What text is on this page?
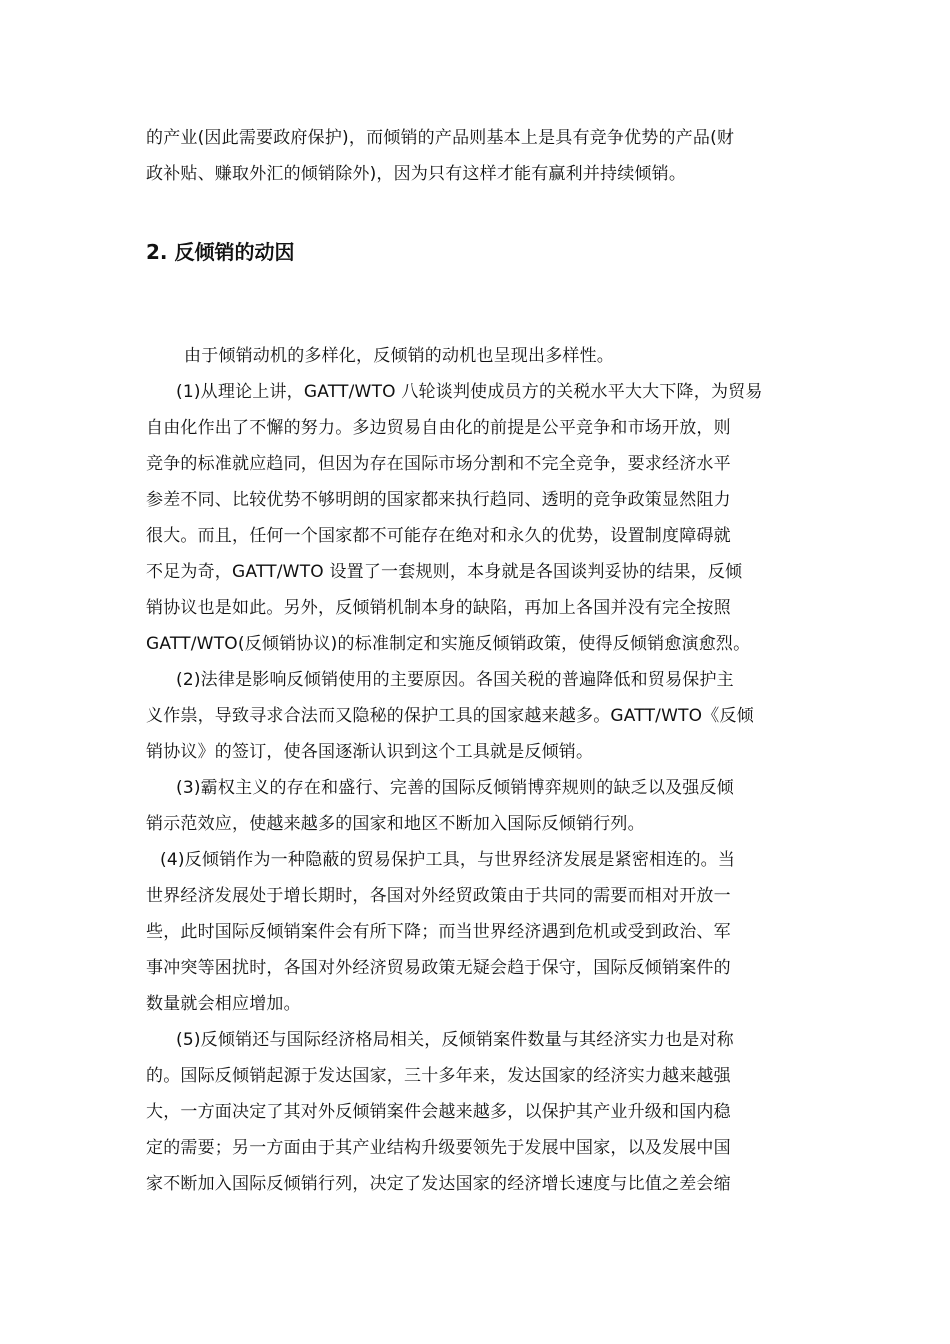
的产业(因此需要政府保护)，而倾销的产品则基本上是具有竞争优势的产品(财
政补贴、赚取外汇的倾销除外)，因为只有这样才能有赢利并持续倾销。
2. 反倾销的动因
由于倾销动机的多样化，反倾销的动机也呈现出多样性。
(1)从理论上讲，GATT/WTO 八轮谈判使成员方的关税水平大大下降，为贸易
自由化作出了不懈的努力。多边贸易自由化的前提是公平竞争和市场开放，则
竞争的标准就应趋同，但因为存在国际市场分割和不完全竞争，要求经济水平
参差不同、比较优势不够明朗的国家都来执行趋同、透明的竞争政策显然阻力
很大。而且，任何一个国家都不可能存在绝对和永久的优势，设置制度障碍就
不足为奇，GATT/WTO 设置了一套规则，本身就是各国谈判妥协的结果，反倾
销协议也是如此。另外，反倾销机制本身的缺陷，再加上各国并没有完全按照
GATT/WTO(反倾销协议)的标准制定和实施反倾销政策，使得反倾销愈演愈烈。
(2)法律是影响反倾销使用的主要原因。各国关税的普遍降低和贸易保护主
义作祟，导致寻求合法而又隐秘的保护工具的国家越来越多。GATT/WTO《反倾
销协议》的签订，使各国逐渐认识到这个工具就是反倾销。
(3)霸权主义的存在和盛行、完善的国际反倾销博弈规则的缺乏以及强反倾
销示范效应，使越来越多的国家和地区不断加入国际反倾销行列。
(4)反倾销作为一种隐蔽的贸易保护工具，与世界经济发展是紧密相连的。当
世界经济发展处于增长期时，各国对外经贸政策由于共同的需要而相对开放一
些，此时国际反倾销案件会有所下降；而当世界经济遇到危机或受到政治、军
事冲突等困扰时，各国对外经济贸易政策无疑会趋于保守，国际反倾销案件的
数量就会相应增加。
(5)反倾销还与国际经济格局相关，反倾销案件数量与其经济实力也是对称
的。国际反倾销起源于发达国家，三十多年来，发达国家的经济实力越来越强
大，一方面决定了其对外反倾销案件会越来越多，以保护其产业升级和国内稳
定的需要；另一方面由于其产业结构升级要领先于发展中国家，以及发展中国
家不断加入国际反倾销行列，决定了发达国家的经济增长速度与比值之差会缩
